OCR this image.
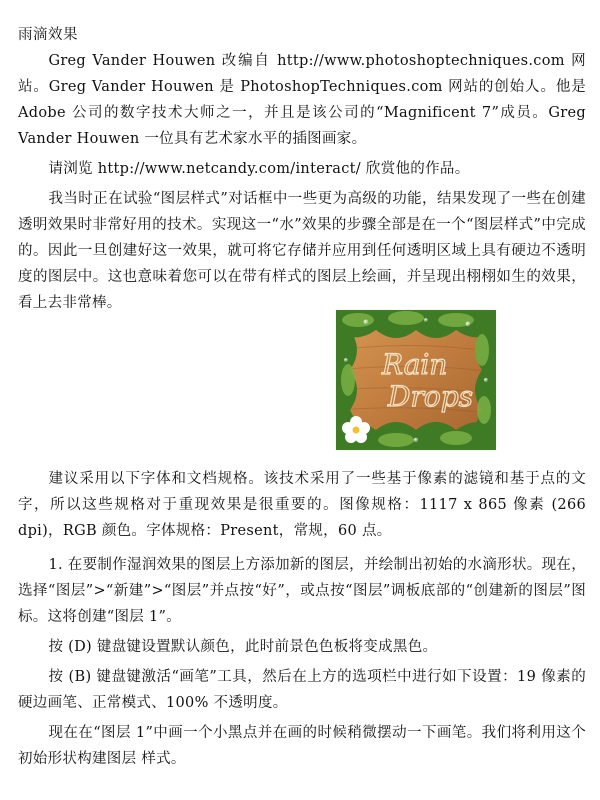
雨滴效果
Greg Vander Houwen 改编自 http://www.photoshoptechniques.com 网站。Greg Vander Houwen 是 PhotoshopTechniques.com 网站的创始人。他是 Adobe 公司的数字技术大师之一，并且是该公司的“Magnificent 7”成员。Greg Vander Houwen 一位具有艺术家水平的插图画家。
请浏览 http://www.netcandy.com/interact/ 欣赏他的作品。
我当时正在试验“图层样式”对话框中一些更为高级的功能，结果发现了一些在创建透明效果时非常好用的技术。实现这一“水”效果的步骤全部是在一个“图层样式”中完成的。因此一旦创建好这一效果，就可将它存储并应用到任何透明区域上具有硬边不透明度的图层中。这也意味着您可以在带有样式的图层上绘画，并呈现出栩栩如生的效果，看上去非常棒。
Rain
Drops
建议采用以下字体和文档规格。该技术采用了一些基于像素的滤镜和基于点的文字，所以这些规格对于重现效果是很重要的。图像规格：1117 x 865 像素 (266 dpi)，RGB 颜色。字体规格：Present，常规，60 点。
1. 在要制作湿润效果的图层上方添加新的图层，并绘制出初始的水滴形状。现在，选择“图层”>“新建”>“图层”并点按“好”，或点按“图层”调板底部的“创建新的图层”图标。这将创建“图层 1”。
按 (D) 键盘键设置默认颜色，此时前景色色板将变成黑色。
按 (B) 键盘键激活“画笔”工具，然后在上方的选项栏中进行如下设置：19 像素的硬边画笔、正常模式、100% 不透明度。
现在在“图层 1”中画一个小黑点并在画的时候稍微摆动一下画笔。我们将利用这个初始形状构建图层 样式。
